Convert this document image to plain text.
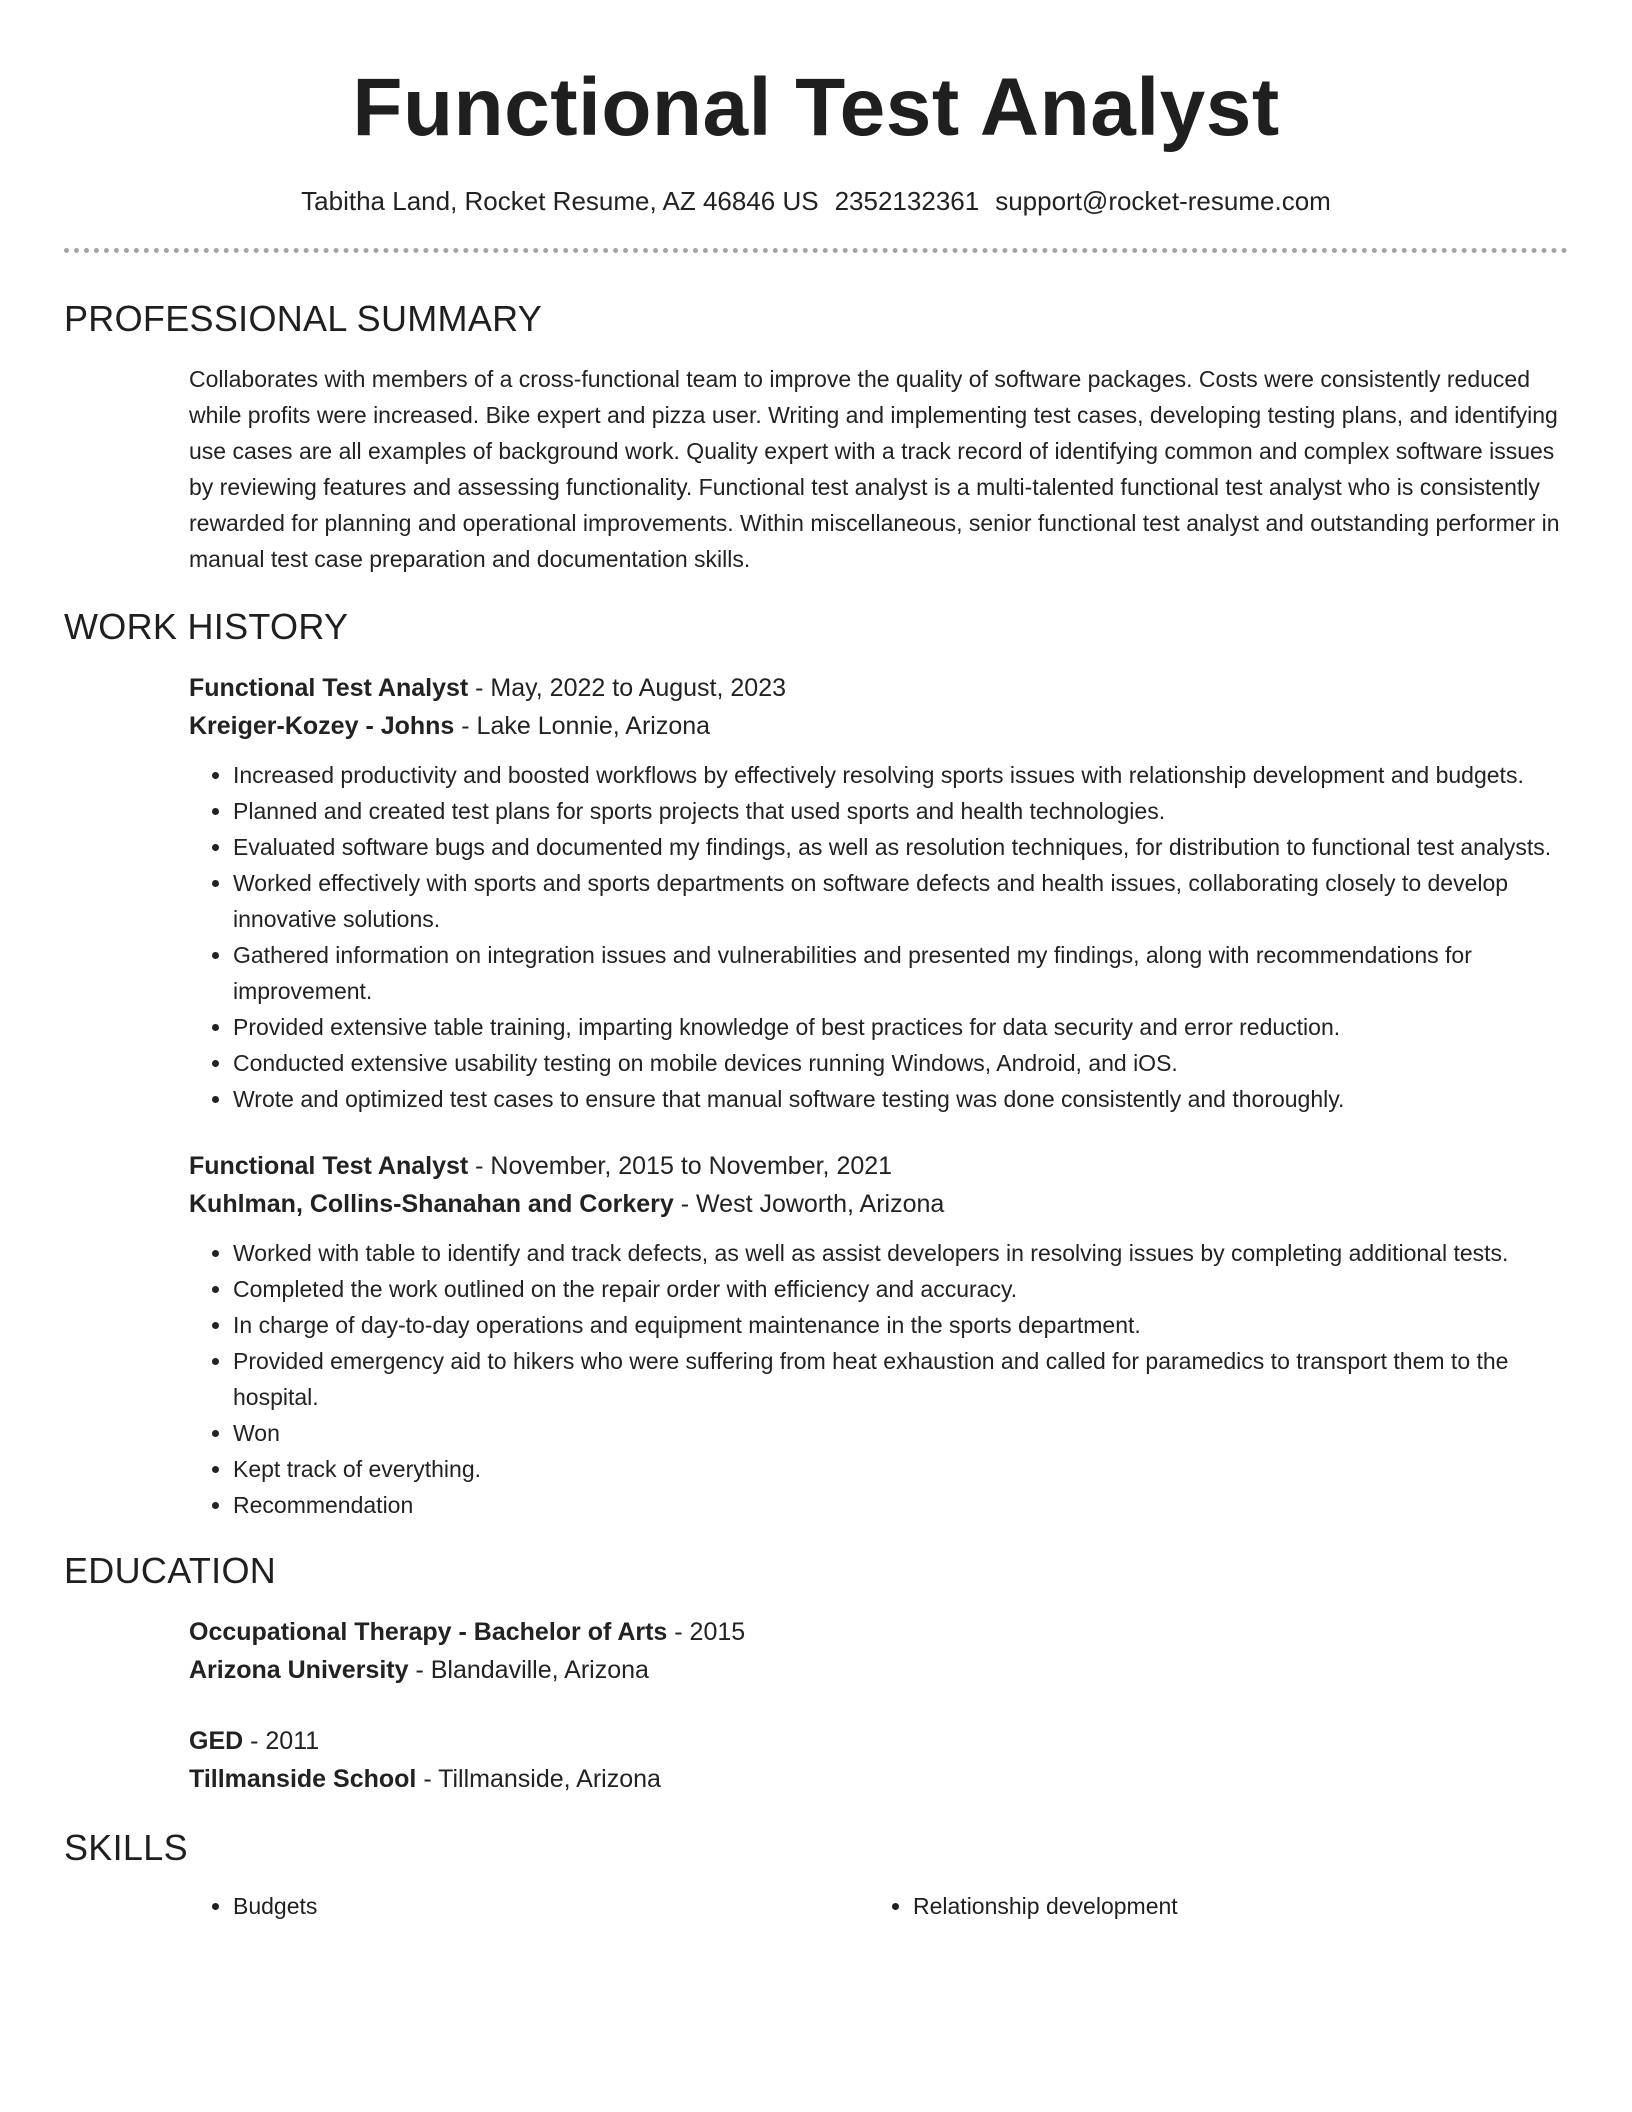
Functional Test Analyst
Tabitha Land, Rocket Resume, AZ 46846 US 2352132361 support@rocket-resume.com
PROFESSIONAL SUMMARY

Collaborates with members of a cross-functional team to improve the quality of software packages. Costs were consistently reduced while profits were increased. Bike expert and pizza user. Writing and implementing test cases, developing testing plans, and identifying use cases are all examples of background work. Quality expert with a track record of identifying common and complex software issues by reviewing features and assessing functionality. Functional test analyst is a multi-talented functional test analyst who is consistently rewarded for planning and operational improvements. Within miscellaneous, senior functional test analyst and outstanding performer in manual test case preparation and documentation skills.

WORK HISTORY
Functional Test Analyst - May, 2022 to August, 2023
Kreiger-Kozey - Johns - Lake Lonnie, Arizona
• Increased productivity and boosted workflows by effectively resolving sports issues with relationship development and budgets.
• Planned and created test plans for sports projects that used sports and health technologies.
• Evaluated software bugs and documented my findings, as well as resolution techniques, for distribution to functional test analysts.
• Worked effectively with sports and sports departments on software defects and health issues, collaborating closely to develop innovative solutions.
• Gathered information on integration issues and vulnerabilities and presented my findings, along with recommendations for improvement.
• Provided extensive table training, imparting knowledge of best practices for data security and error reduction.
• Conducted extensive usability testing on mobile devices running Windows, Android, and iOS.
• Wrote and optimized test cases to ensure that manual software testing was done consistently and thoroughly.
Functional Test Analyst - November, 2015 to November, 2021
Kuhlman, Collins-Shanahan and Corkery - West Joworth, Arizona
• Worked with table to identify and track defects, as well as assist developers in resolving issues by completing additional tests.
• Completed the work outlined on the repair order with efficiency and accuracy.
• In charge of day-to-day operations and equipment maintenance in the sports department.
• Provided emergency aid to hikers who were suffering from heat exhaustion and called for paramedics to transport them to the hospital.
• Won
• Kept track of everything.
• Recommendation
EDUCATION
Occupational Therapy - Bachelor of Arts - 2015
Arizona University - Blandaville, Arizona
GED - 2011
Tillmanside School - Tillmanside, Arizona
SKILLS
• Budgets
•	Relationship development
